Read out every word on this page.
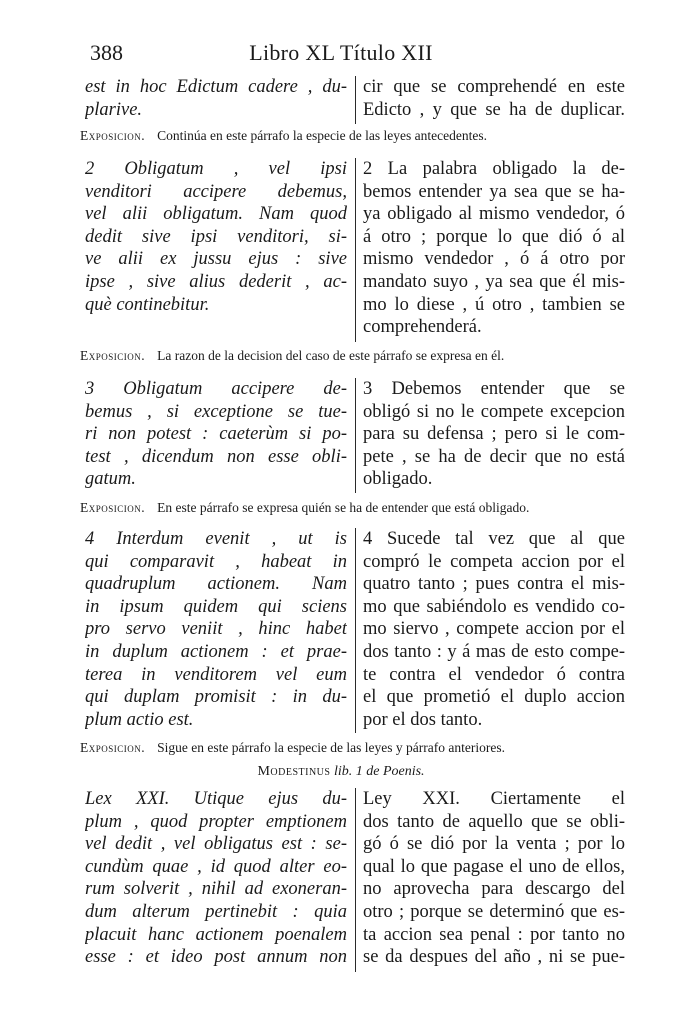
388	Libro XL Título XII
est in hoc Edictum cadere , du-
plarive.
cir que se comprehendé en este
Edicto , y que se ha de duplicar.
Exposicion. Continúa en este párrafo la especie de las leyes antecedentes.
2 Obligatum , vel ipsi
venditori accipere debemus,
vel alii obligatum. Nam quod
dedit sive ipsi venditori, si-
ve alii ex jussu ejus : sive
ipse , sive alius dederit , ac-
què continebitur.
2 La palabra obligado la de-
bemos entender ya sea que se ha-
ya obligado al mismo vendedor, ó
á otro ; porque lo que dió ó al
mismo vendedor , ó á otro por
mandato suyo , ya sea que él mis-
mo lo diese , ú otro , tambien se
comprehenderá.
Exposicion. La razon de la decision del caso de este párrafo se expresa en él.
3 Obligatum accipere de-
bemus , si exceptione se tue-
ri non potest : caeterùm si po-
test , dicendum non esse obli-
gatum.
3 Debemos entender que se
obligó si no le compete excepcion
para su defensa ; pero si le com-
pete , se ha de decir que no está
obligado.
Exposicion. En este párrafo se expresa quién se ha de entender que está obligado.
4 Interdum evenit , ut is
qui comparavit , habeat in
quadruplum actionem. Nam
in ipsum quidem qui sciens
pro servo veniit , hinc habet
in duplum actionem : et prae-
terea in venditorem vel eum
qui duplam promisit : in du-
plum actio est.
4 Sucede tal vez que al que
compró le competa accion por el
quatro tanto ; pues contra el mis-
mo que sabiéndolo es vendido co-
mo siervo , compete accion por el
dos tanto : y á mas de esto compe-
te contra el vendedor ó contra
el que prometió el duplo accion
por el dos tanto.
Exposicion. Sigue en este párrafo la especie de las leyes y párrafo anteriores.
Modestinus lib. 1 de Poenis.
Lex XXI. Utique ejus du-
plum , quod propter emptionem
vel dedit , vel obligatus est : se-
cundùm quae , id quod alter eo-
rum solverit , nihil ad exoneran-
dum alterum pertinebit : quia
placuit hanc actionem poenalem
esse : et ideo post annum non
Ley XXI. Ciertamente el
dos tanto de aquello que se obli-
gó ó se dió por la venta ; por lo
qual lo que pagase el uno de ellos,
no aprovecha para descargo del
otro ; porque se determinó que es-
ta accion sea penal : por tanto no
se da despues del año , ni se pue-
